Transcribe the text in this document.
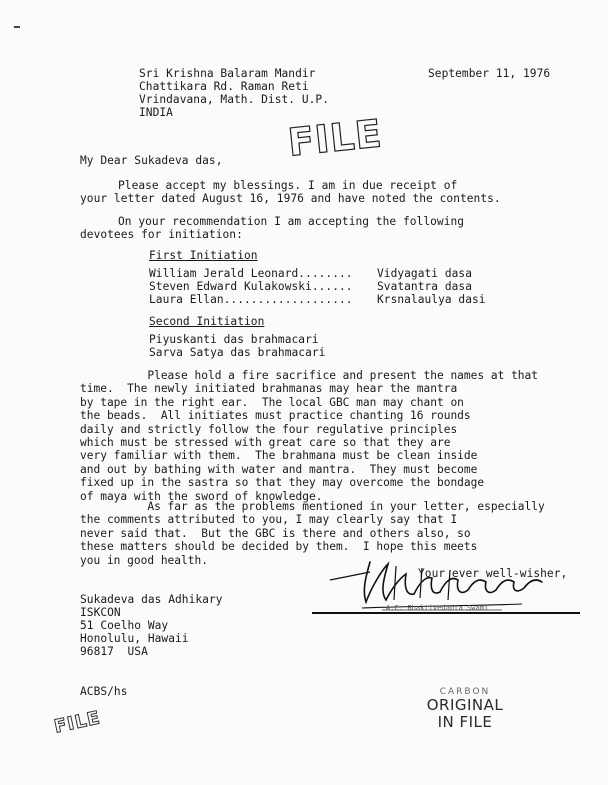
Sri Krishna Balaram Mandir
Chattikara Rd. Raman Reti
Vrindavana, Math. Dist. U.P.
INDIA
September 11, 1976
FILE
My Dear Sukadeva das,
Please accept my blessings. I am in due receipt of
your letter dated August 16, 1976 and have noted the contents.
On your recommendation I am accepting the following
devotees for initiation:
First Initiation
William Jerald Leonard........ Vidyagati dasa
Steven Edward Kulakowski...... Svatantra dasa
Laura Ellan................... Krsnalaulya dasi
Second Initiation
Piyuskanti das brahmacari
Sarva Satya das brahmacari
Please hold a fire sacrifice and present the names at that
time.  The newly initiated brahmanas may hear the mantra
by tape in the right ear.  The local GBC man may chant on
the beads.  All initiates must practice chanting 16 rounds
daily and strictly follow the four regulative principles
which must be stressed with great care so that they are
very familiar with them.  The brahmana must be clean inside
and out by bathing with water and mantra.  They must become
fixed up in the sastra so that they may overcome the bondage
of maya with the sword of knowledge.
As far as the problems mentioned in your letter, especially
the comments attributed to you, I may clearly say that I
never said that.  But the GBC is there and others also, so
these matters should be decided by them.  I hope this meets
you in good health.
Your ever well-wisher,
A.C. Bhaktivedanta Swami
Sukadeva das Adhikary
ISKCON
51 Coelho Way
Honolulu, Hawaii
96817  USA
ACBS/hs	CARBON
ORIGINAL
IN FILE
FILE
